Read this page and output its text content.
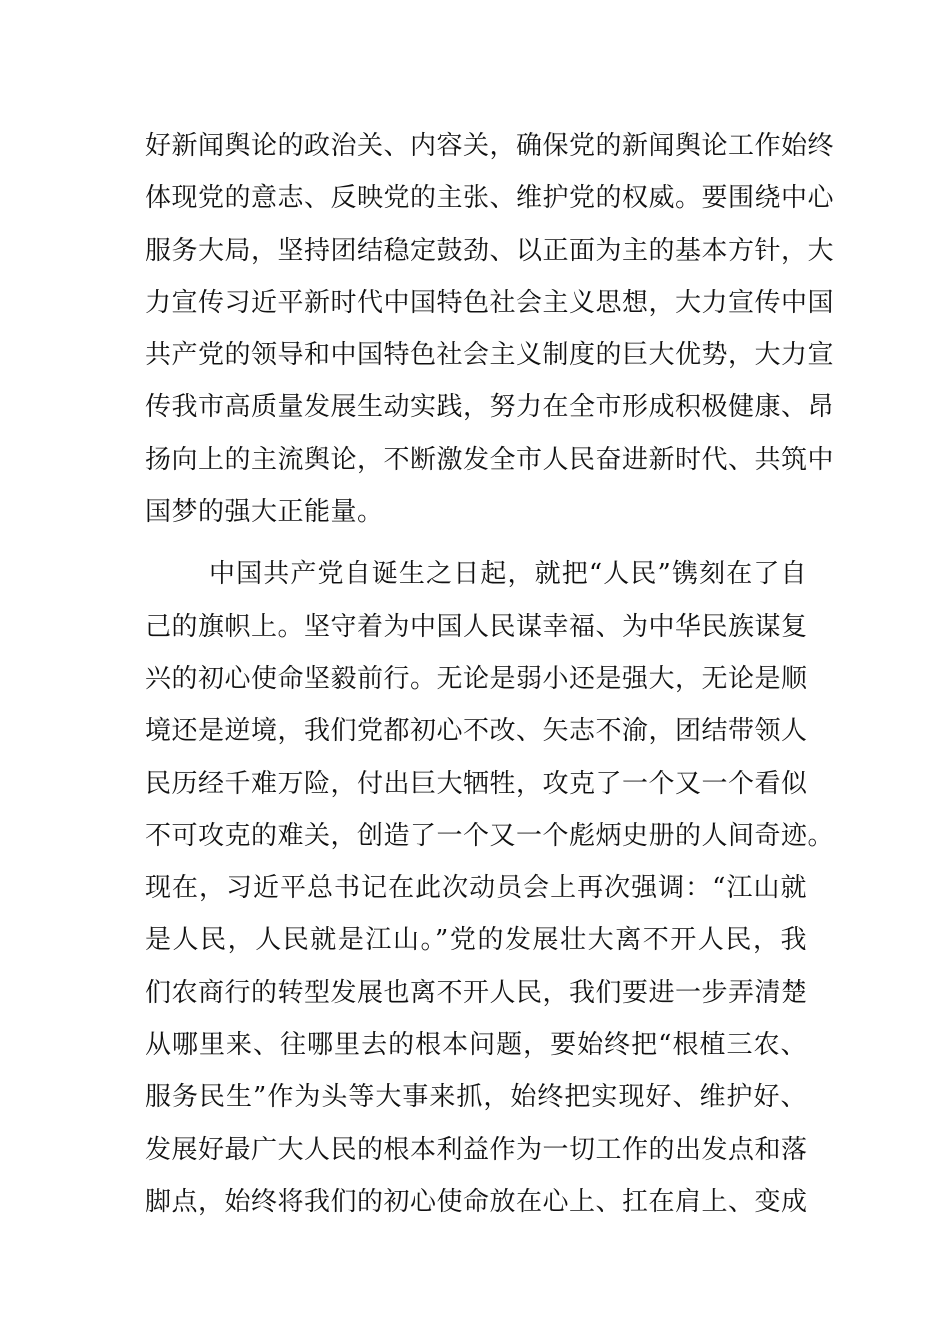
好新闻舆论的政治关、内容关，确保党的新闻舆论工作始终
体现党的意志、反映党的主张、维护党的权威。要围绕中心
服务大局，坚持团结稳定鼓劲、以正面为主的基本方针，大
力宣传习近平新时代中国特色社会主义思想，大力宣传中国
共产党的领导和中国特色社会主义制度的巨大优势，大力宣
传我市高质量发展生动实践，努力在全市形成积极健康、昂
扬向上的主流舆论，不断激发全市人民奋进新时代、共筑中
国梦的强大正能量。
中国共产党自诞生之日起，就把“人民”镌刻在了自
己的旗帜上。坚守着为中国人民谋幸福、为中华民族谋复
兴的初心使命坚毅前行。无论是弱小还是强大，无论是顺
境还是逆境，我们党都初心不改、矢志不渝，团结带领人
民历经千难万险，付出巨大牺牲，攻克了一个又一个看似
不可攻克的难关，创造了一个又一个彪炳史册的人间奇迹。
现在，习近平总书记在此次动员会上再次强调：“江山就
是人民，人民就是江山。”党的发展壮大离不开人民，我
们农商行的转型发展也离不开人民，我们要进一步弄清楚
从哪里来、往哪里去的根本问题，要始终把“根植三农、
服务民生”作为头等大事来抓，始终把实现好、维护好、
发展好最广大人民的根本利益作为一切工作的出发点和落
脚点，始终将我们的初心使命放在心上、扛在肩上、变成
